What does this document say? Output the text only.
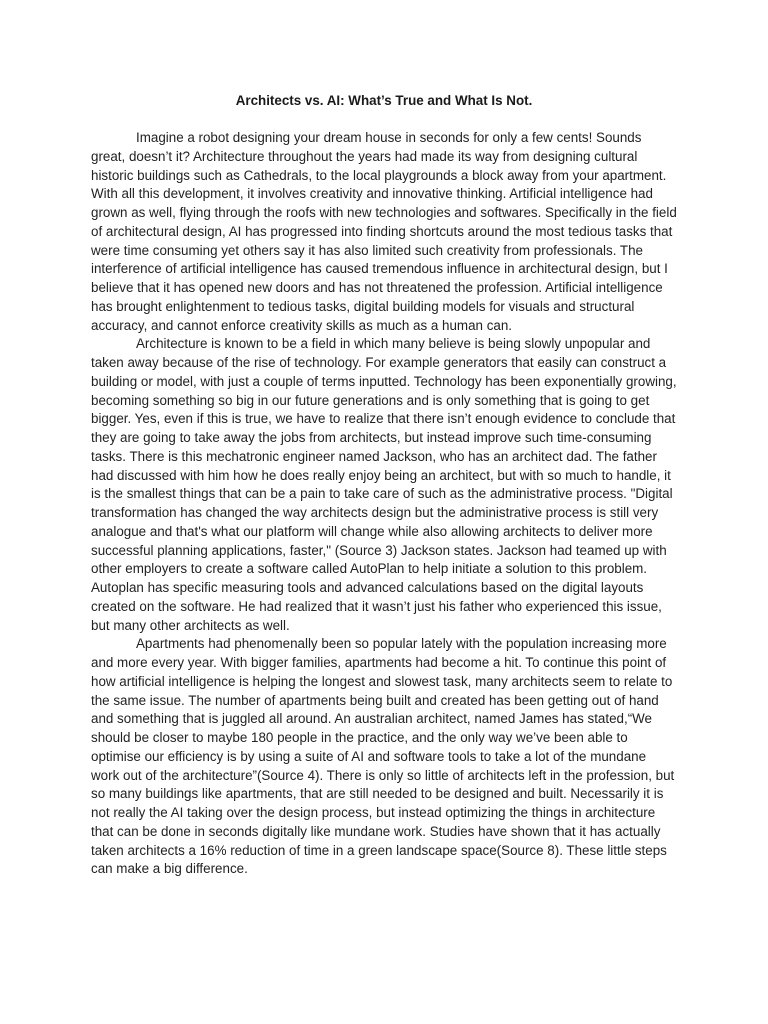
Architects vs. AI: What’s True and What Is Not.

Imagine a robot designing your dream house in seconds for only a few cents! Sounds great, doesn’t it? Architecture throughout the years had made its way from designing cultural historic buildings such as Cathedrals, to the local playgrounds a block away from your apartment. With all this development, it involves creativity and innovative thinking. Artificial intelligence had grown as well, flying through the roofs with new technologies and softwares. Specifically in the field of architectural design, AI has progressed into finding shortcuts around the most tedious tasks that were time consuming yet others say it has also limited such creativity from professionals. The interference of artificial intelligence has caused tremendous influence in architectural design, but I believe that it has opened new doors and has not threatened the profession. Artificial intelligence has brought enlightenment to tedious tasks, digital building models for visuals and structural accuracy, and cannot enforce creativity skills as much as a human can.

Architecture is known to be a field in which many believe is being slowly unpopular and taken away because of the rise of technology. For example generators that easily can construct a building or model, with just a couple of terms inputted. Technology has been exponentially growing, becoming something so big in our future generations and is only something that is going to get bigger. Yes, even if this is true, we have to realize that there isn’t enough evidence to conclude that they are going to take away the jobs from architects, but instead improve such time-consuming tasks. There is this mechatronic engineer named Jackson, who has an architect dad. The father had discussed with him how he does really enjoy being an architect, but with so much to handle, it is the smallest things that can be a pain to take care of such as the administrative process. "Digital transformation has changed the way architects design but the administrative process is still very analogue and that's what our platform will change while also allowing architects to deliver more successful planning applications, faster," (Source 3) Jackson states. Jackson had teamed up with other employers to create a software called AutoPlan to help initiate a solution to this problem. Autoplan has specific measuring tools and advanced calculations based on the digital layouts created on the software. He had realized that it wasn’t just his father who experienced this issue, but many other architects as well.

Apartments had phenomenally been so popular lately with the population increasing more and more every year. With bigger families, apartments had become a hit. To continue this point of how artificial intelligence is helping the longest and slowest task, many architects seem to relate to the same issue. The number of apartments being built and created has been getting out of hand and something that is juggled all around. An australian architect, named James has stated,“We should be closer to maybe 180 people in the practice, and the only way we’ve been able to optimise our efficiency is by using a suite of AI and software tools to take a lot of the mundane work out of the architecture”(Source 4). There is only so little of architects left in the profession, but so many buildings like apartments, that are still needed to be designed and built. Necessarily it is not really the AI taking over the design process, but instead optimizing the things in architecture that can be done in seconds digitally like mundane work. Studies have shown that it has actually taken architects a 16% reduction of time in a green landscape space(Source 8). These little steps can make a big difference.
